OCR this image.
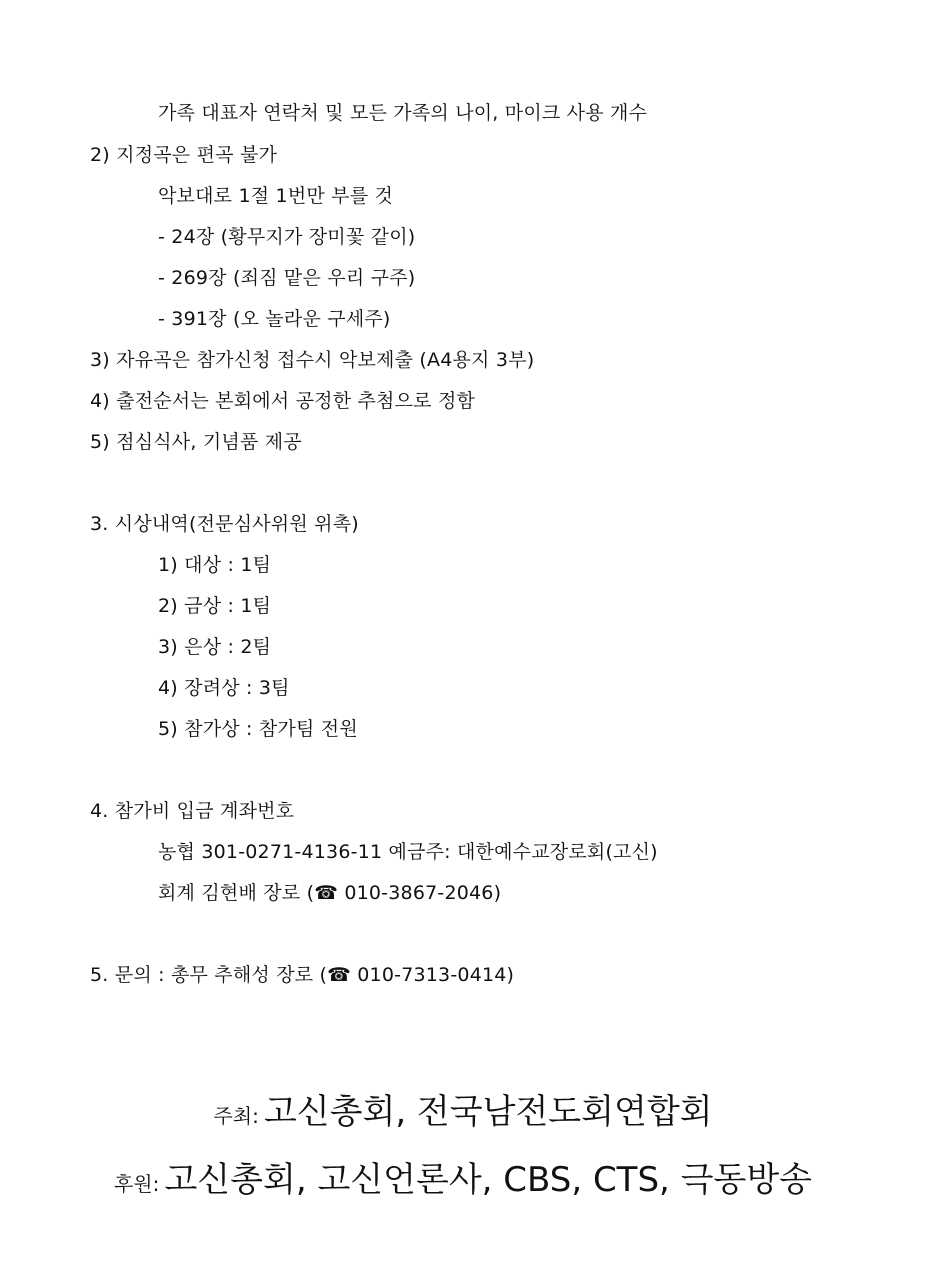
가족 대표자 연락처 및 모든 가족의 나이, 마이크 사용 개수
2) 지정곡은 편곡 불가
악보대로 1절 1번만 부를 것
- 24장 (황무지가 장미꽃 같이)
- 269장 (죄짐 맡은 우리 구주)
- 391장 (오 놀라운 구세주)
3) 자유곡은 참가신청 접수시 악보제출 (A4용지 3부)
4) 출전순서는 본회에서 공정한 추첨으로 정함
5) 점심식사, 기념품 제공
3. 시상내역(전문심사위원 위촉)
1) 대상 : 1팀
2) 금상 : 1팀
3) 은상 : 2팀
4) 장려상 : 3팀
5) 참가상 : 참가팀 전원
4. 참가비 입금 계좌번호
농협 301-0271-4136-11 예금주: 대한예수교장로회(고신)
회계 김현배 장로 (☎ 010-3867-2046)
5. 문의 : 총무 추해성 장로 (☎ 010-7313-0414)
주최: 고신총회, 전국남전도회연합회
후원: 고신총회, 고신언론사, CBS, CTS, 극동방송
